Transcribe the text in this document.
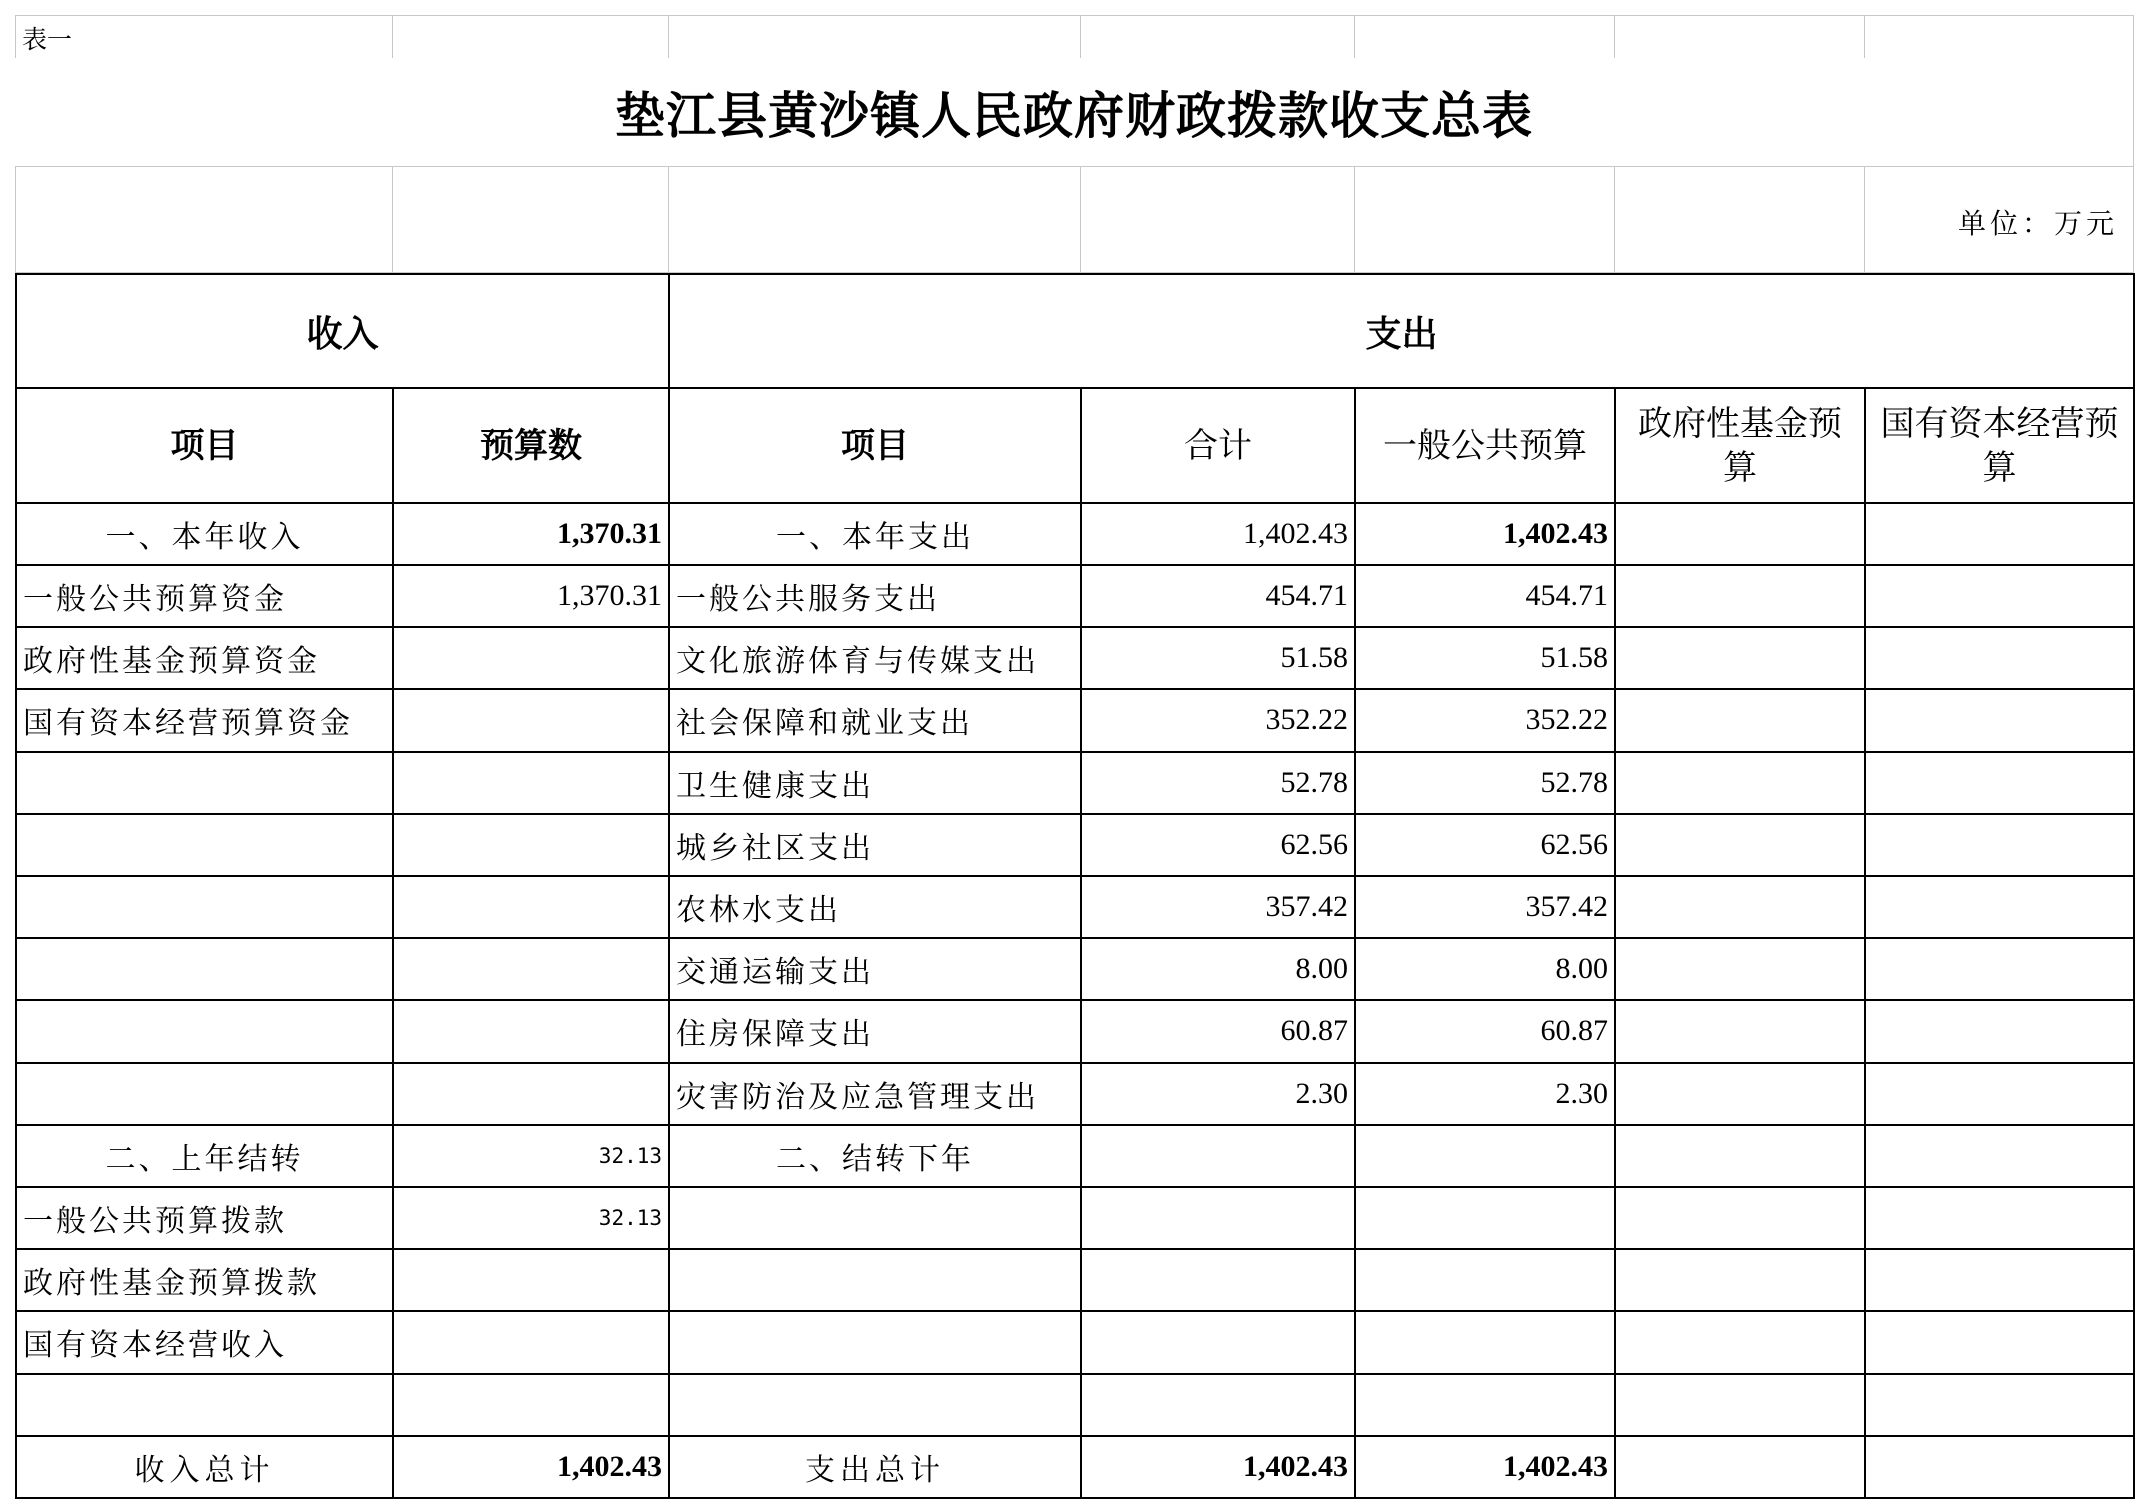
表一
垫江县黄沙镇人民政府财政拨款收支总表
单位：万元
收入		支出				
项目	预算数	项目	合计	一般公共预算	政府性基金预算	国有资本经营预算
一、本年收入	1,370.31	一、本年支出	1,402.43	1,402.43		
一般公共预算资金	1,370.31	一般公共服务支出	454.71	454.71		
政府性基金预算资金		文化旅游体育与传媒支出	51.58	51.58		
国有资本经营预算资金		社会保障和就业支出	352.22	352.22		
		卫生健康支出	52.78	52.78		
		城乡社区支出	62.56	62.56		
		农林水支出	357.42	357.42		
		交通运输支出	8.00	8.00		
		住房保障支出	60.87	60.87		
		灾害防治及应急管理支出	2.30	2.30		
二、上年结转	32.13	二、结转下年				
一般公共预算拨款	32.13					
政府性基金预算拨款						
国有资本经营收入						

收入总计	1,402.43	支出总计	1,402.43	1,402.43		
